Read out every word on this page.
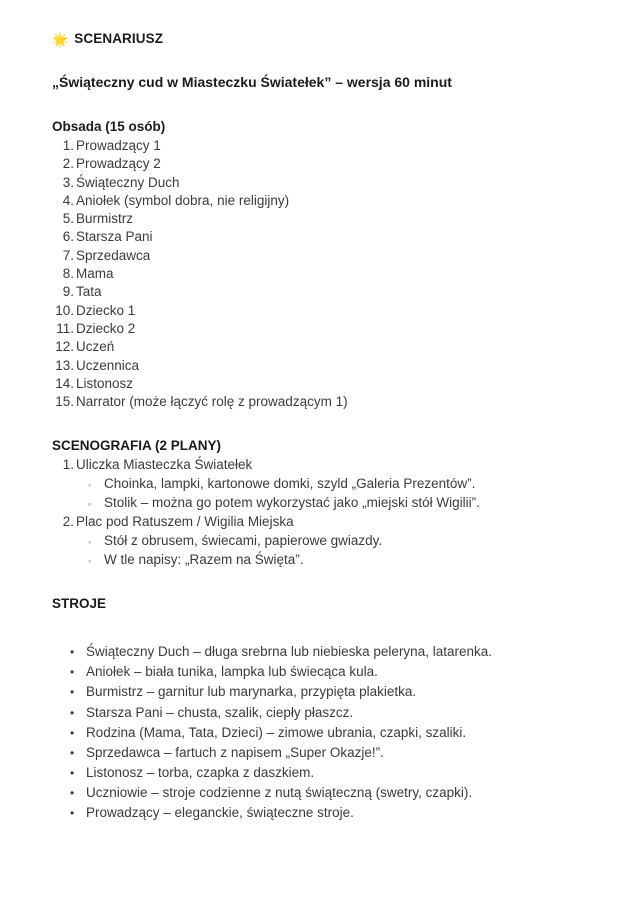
🌟 SCENARIUSZ

„Świąteczny cud w Miasteczku Światełek” – wersja 60 minut

Obsada (15 osób)
1. Prowadzący 1
2. Prowadzący 2
3. Świąteczny Duch
4. Aniołek (symbol dobra, nie religijny)
5. Burmistrz
6. Starsza Pani
7. Sprzedawca
8. Mama
9. Tata
10. Dziecko 1
11. Dziecko 2
12. Uczeń
13. Uczennica
14. Listonosz
15. Narrator (może łączyć rolę z prowadzącym 1)
SCENOGRAFIA (2 PLANY)
1. Uliczka Miasteczka Światełek
◦ Choinka, lampki, kartonowe domki, szyld „Galeria Prezentów”.
◦ Stolik – można go potem wykorzystać jako „miejski stół Wigilii”.
2. Plac pod Ratuszem / Wigilia Miejska
◦ Stół z obrusem, świecami, papierowe gwiazdy.
◦ W tle napisy: „Razem na Święta”.
STROJE
• Świąteczny Duch – długa srebrna lub niebieska peleryna, latarenka.
• Aniołek – biała tunika, lampka lub świecąca kula.
• Burmistrz – garnitur lub marynarka, przypięta plakietka.
• Starsza Pani – chusta, szalik, ciepły płaszcz.
• Rodzina (Mama, Tata, Dzieci) – zimowe ubrania, czapki, szaliki.
• Sprzedawca – fartuch z napisem „Super Okazje!”.
• Listonosz – torba, czapka z daszkiem.
• Uczniowie – stroje codzienne z nutą świąteczną (swetry, czapki).
• Prowadzący – eleganckie, świąteczne stroje.
